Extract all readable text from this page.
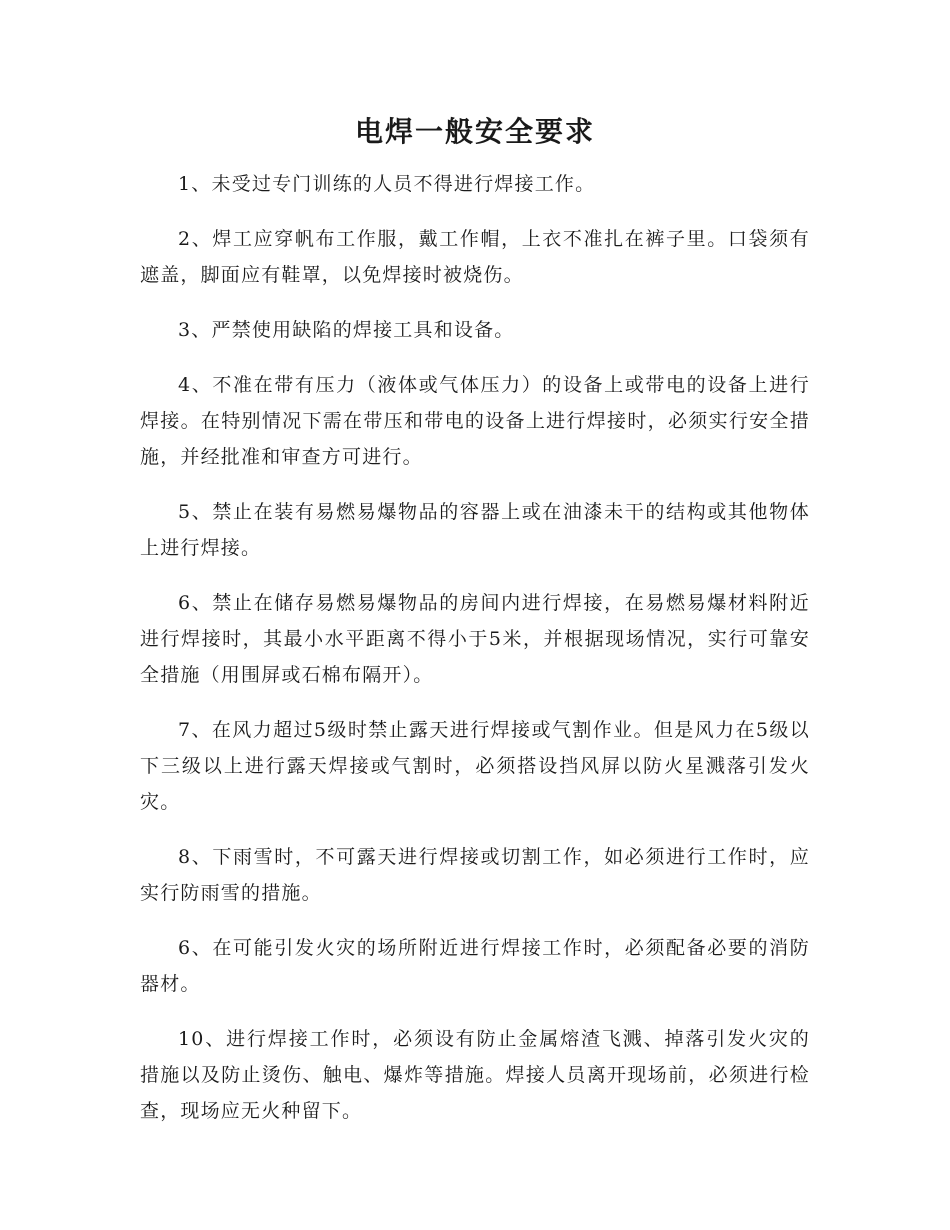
电焊一般安全要求

1、未受过专门训练的人员不得进行焊接工作。

2、焊工应穿帆布工作服，戴工作帽，上衣不准扎在裤子里。口袋须有遮盖，脚面应有鞋罩，以免焊接时被烧伤。

3、严禁使用缺陷的焊接工具和设备。

4、不准在带有压力（液体或气体压力）的设备上或带电的设备上进行焊接。在特别情况下需在带压和带电的设备上进行焊接时，必须实行安全措施，并经批准和审查方可进行。

5、禁止在装有易燃易爆物品的容器上或在油漆未干的结构或其他物体上进行焊接。

6、禁止在储存易燃易爆物品的房间内进行焊接，在易燃易爆材料附近进行焊接时，其最小水平距离不得小于5米，并根据现场情况，实行可靠安全措施（用围屏或石棉布隔开）。

7、在风力超过5级时禁止露天进行焊接或气割作业。但是风力在5级以下三级以上进行露天焊接或气割时，必须搭设挡风屏以防火星溅落引发火灾。

8、下雨雪时，不可露天进行焊接或切割工作，如必须进行工作时，应实行防雨雪的措施。

6、在可能引发火灾的场所附近进行焊接工作时，必须配备必要的消防器材。

10、进行焊接工作时，必须设有防止金属熔渣飞溅、掉落引发火灾的措施以及防止烫伤、触电、爆炸等措施。焊接人员离开现场前，必须进行检查，现场应无火种留下。
